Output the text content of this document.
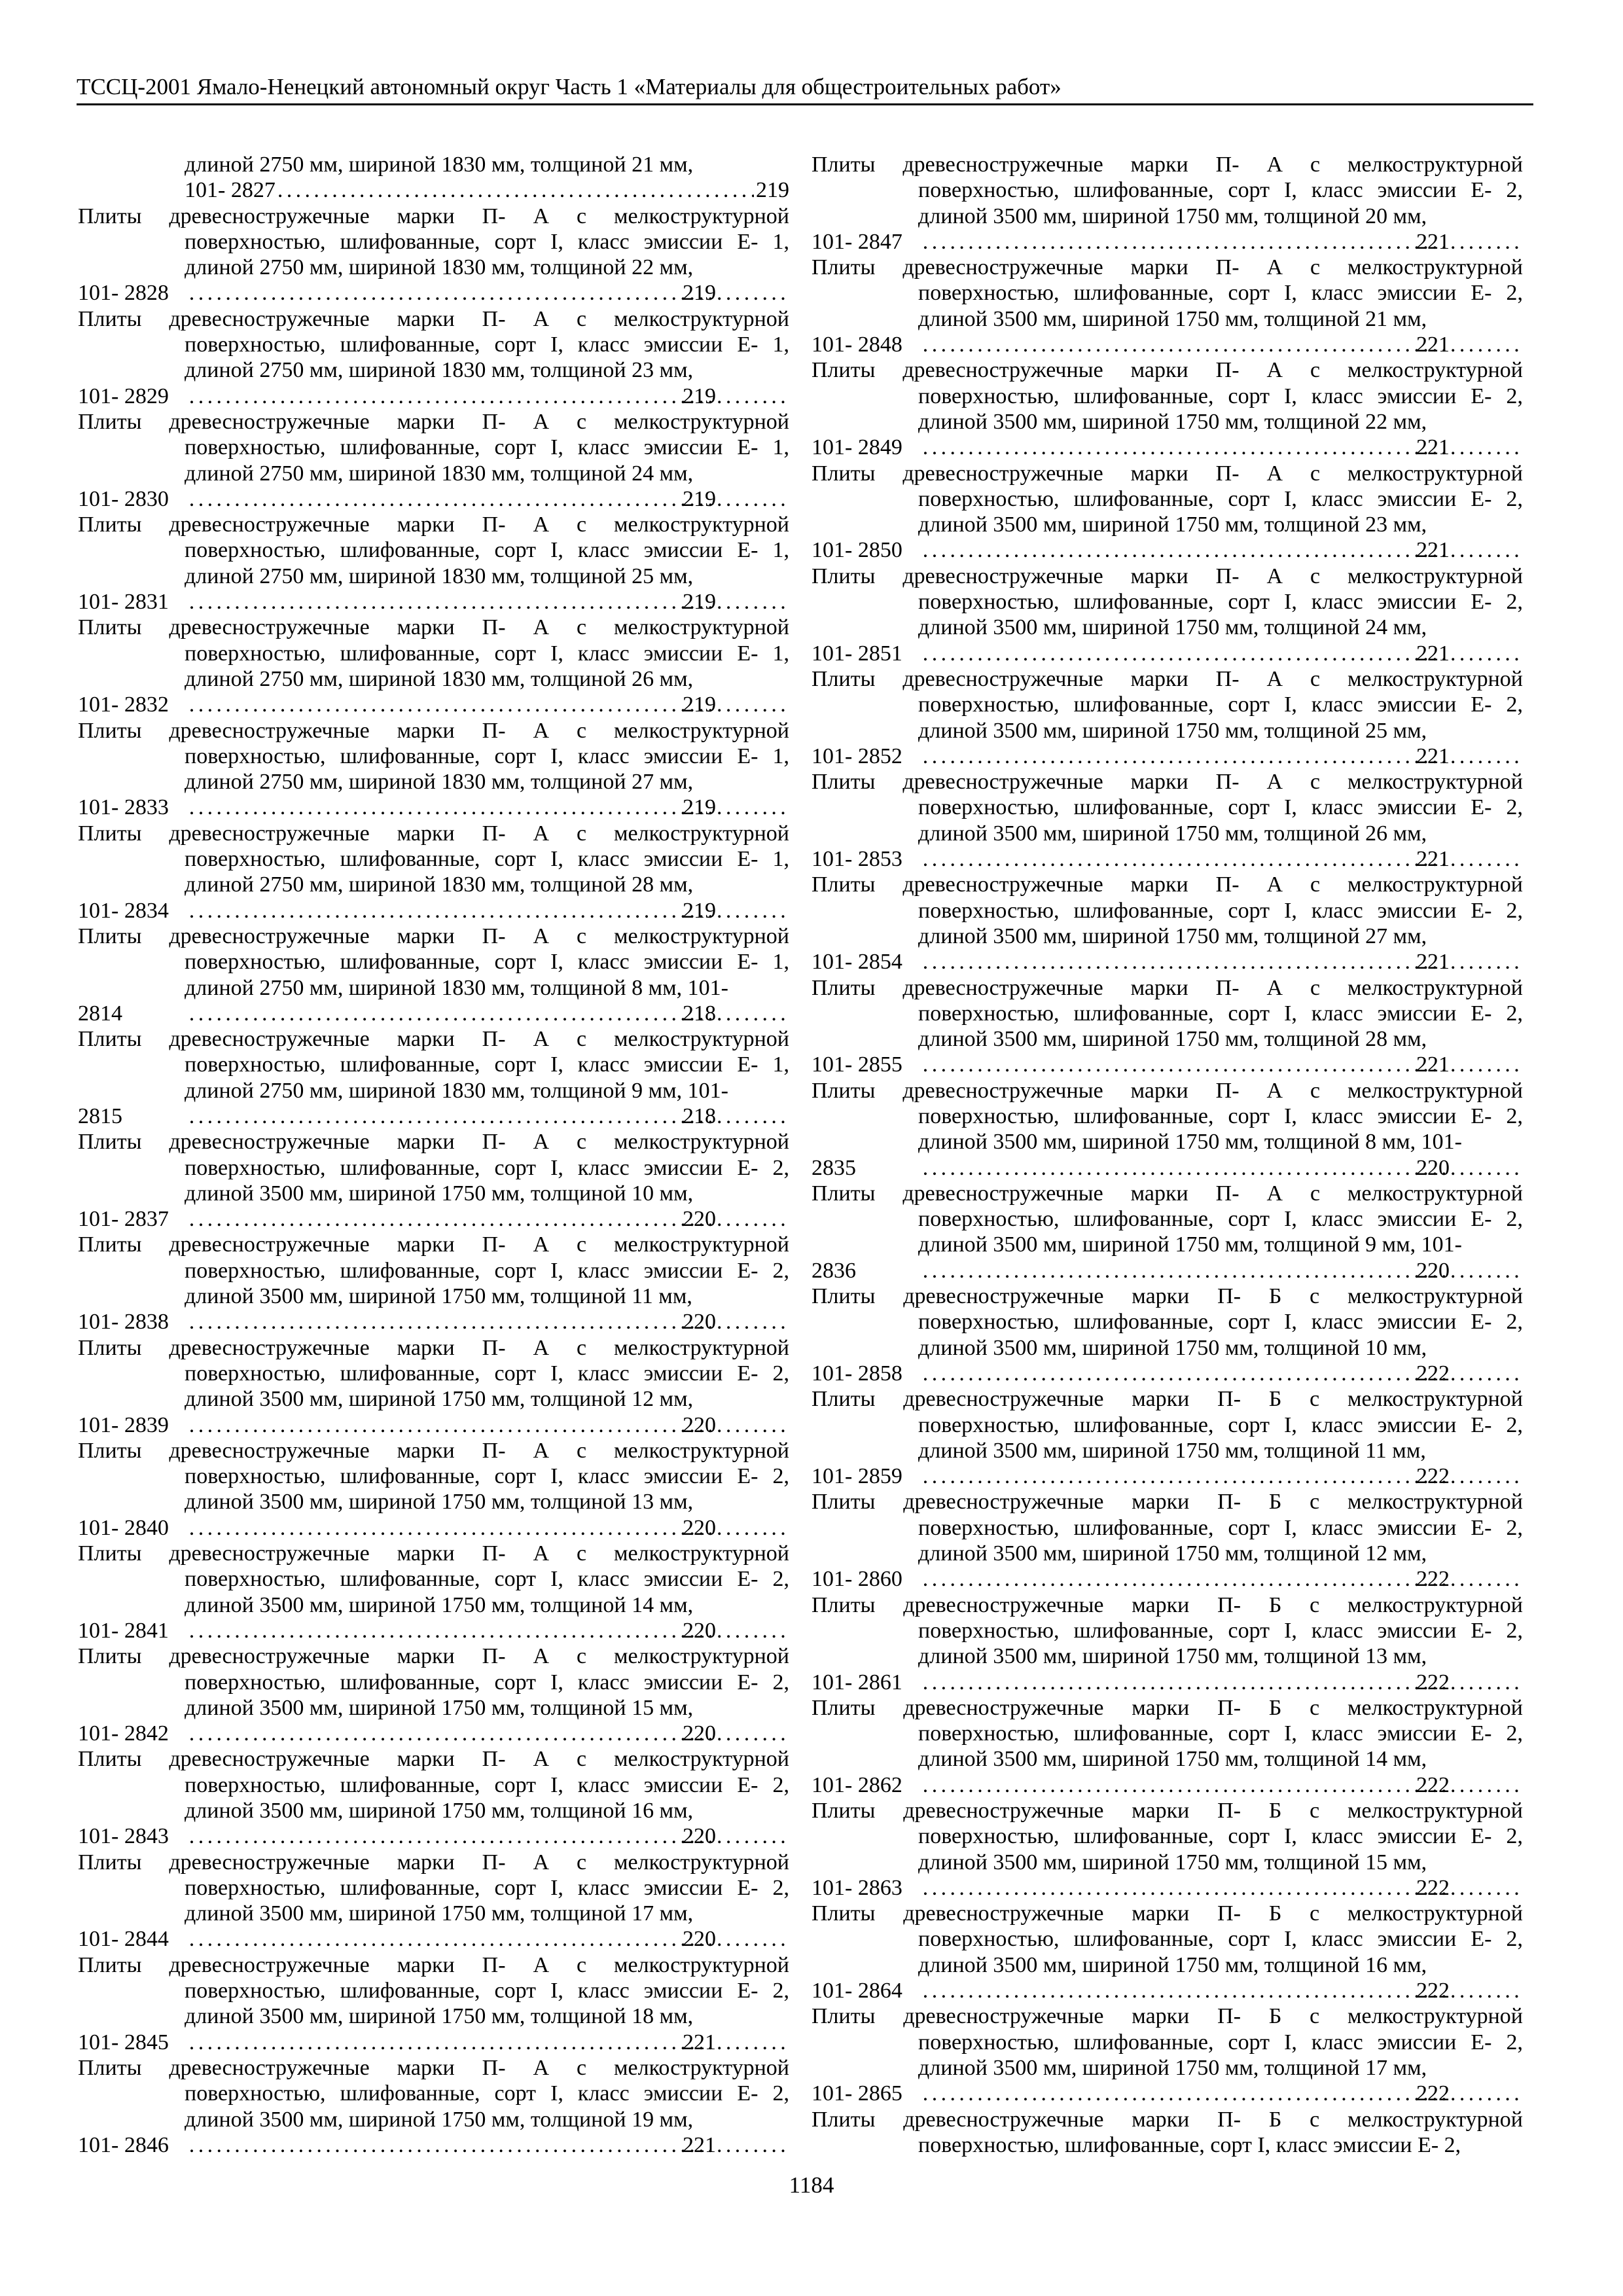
ТССЦ-2001 Ямало-Ненецкий автономный округ Часть 1 «Материалы для общестроительных работ»

длиной 2750 мм, шириной 1830 мм, толщиной 21 мм,
101- 2827 .....	219

Плиты древесностружечные марки П- А с мелкоструктурной поверхностью, шлифованные, сорт I, класс эмиссии Е- 1, длиной 2750 мм, шириной 1830 мм, толщиной 22 мм,
101- 2828 .....	219

Плиты древесностружечные марки П- А с мелкоструктурной поверхностью, шлифованные, сорт I, класс эмиссии Е- 1, длиной 2750 мм, шириной 1830 мм, толщиной 23 мм,
101- 2829 .....	219

Плиты древесностружечные марки П- А с мелкоструктурной поверхностью, шлифованные, сорт I, класс эмиссии Е- 1, длиной 2750 мм, шириной 1830 мм, толщиной 24 мм,
101- 2830 .....	219

Плиты древесностружечные марки П- А с мелкоструктурной поверхностью, шлифованные, сорт I, класс эмиссии Е- 1, длиной 2750 мм, шириной 1830 мм, толщиной 25 мм,
101- 2831 .....	219

Плиты древесностружечные марки П- А с мелкоструктурной поверхностью, шлифованные, сорт I, класс эмиссии Е- 1, длиной 2750 мм, шириной 1830 мм, толщиной 26 мм,
101- 2832 .....	219

Плиты древесностружечные марки П- А с мелкоструктурной поверхностью, шлифованные, сорт I, класс эмиссии Е- 1, длиной 2750 мм, шириной 1830 мм, толщиной 27 мм,
101- 2833 .....	219

Плиты древесностружечные марки П- А с мелкоструктурной поверхностью, шлифованные, сорт I, класс эмиссии Е- 1, длиной 2750 мм, шириной 1830 мм, толщиной 28 мм,
101- 2834 .....	219

Плиты древесностружечные марки П- А с мелкоструктурной поверхностью, шлифованные, сорт I, класс эмиссии Е- 1, длиной 2750 мм, шириной 1830 мм, толщиной 8 мм, 101-
2814 .....	218

Плиты древесностружечные марки П- А с мелкоструктурной поверхностью, шлифованные, сорт I, класс эмиссии Е- 1, длиной 2750 мм, шириной 1830 мм, толщиной 9 мм, 101-
2815 .....	218

Плиты древесностружечные марки П- А с мелкоструктурной поверхностью, шлифованные, сорт I, класс эмиссии Е- 2, длиной 3500 мм, шириной 1750 мм, толщиной 10 мм,
101- 2837 .....	220

Плиты древесностружечные марки П- А с мелкоструктурной поверхностью, шлифованные, сорт I, класс эмиссии Е- 2, длиной 3500 мм, шириной 1750 мм, толщиной 11 мм,
101- 2838 .....	220

Плиты древесностружечные марки П- А с мелкоструктурной поверхностью, шлифованные, сорт I, класс эмиссии Е- 2, длиной 3500 мм, шириной 1750 мм, толщиной 12 мм,
101- 2839 .....	220

Плиты древесностружечные марки П- А с мелкоструктурной поверхностью, шлифованные, сорт I, класс эмиссии Е- 2, длиной 3500 мм, шириной 1750 мм, толщиной 13 мм,
101- 2840 .....	220

Плиты древесностружечные марки П- А с мелкоструктурной поверхностью, шлифованные, сорт I, класс эмиссии Е- 2, длиной 3500 мм, шириной 1750 мм, толщиной 14 мм,
101- 2841 .....	220

Плиты древесностружечные марки П- А с мелкоструктурной поверхностью, шлифованные, сорт I, класс эмиссии Е- 2, длиной 3500 мм, шириной 1750 мм, толщиной 15 мм,
101- 2842 .....	220

Плиты древесностружечные марки П- А с мелкоструктурной поверхностью, шлифованные, сорт I, класс эмиссии Е- 2, длиной 3500 мм, шириной 1750 мм, толщиной 16 мм,
101- 2843 .....	220

Плиты древесностружечные марки П- А с мелкоструктурной поверхностью, шлифованные, сорт I, класс эмиссии Е- 2, длиной 3500 мм, шириной 1750 мм, толщиной 17 мм,
101- 2844 .....	220

Плиты древесностружечные марки П- А с мелкоструктурной поверхностью, шлифованные, сорт I, класс эмиссии Е- 2, длиной 3500 мм, шириной 1750 мм, толщиной 18 мм,
101- 2845 .....	221

Плиты древесностружечные марки П- А с мелкоструктурной поверхностью, шлифованные, сорт I, класс эмиссии Е- 2, длиной 3500 мм, шириной 1750 мм, толщиной 19 мм,
101- 2846 .....	221

Плиты древесностружечные марки П- А с мелкоструктурной поверхностью, шлифованные, сорт I, класс эмиссии Е- 2, длиной 3500 мм, шириной 1750 мм, толщиной 20 мм,
101- 2847 .....	221

Плиты древесностружечные марки П- А с мелкоструктурной поверхностью, шлифованные, сорт I, класс эмиссии Е- 2, длиной 3500 мм, шириной 1750 мм, толщиной 21 мм,
101- 2848 .....	221

Плиты древесностружечные марки П- А с мелкоструктурной поверхностью, шлифованные, сорт I, класс эмиссии Е- 2, длиной 3500 мм, шириной 1750 мм, толщиной 22 мм,
101- 2849 .....	221

Плиты древесностружечные марки П- А с мелкоструктурной поверхностью, шлифованные, сорт I, класс эмиссии Е- 2, длиной 3500 мм, шириной 1750 мм, толщиной 23 мм,
101- 2850 .....	221

Плиты древесностружечные марки П- А с мелкоструктурной поверхностью, шлифованные, сорт I, класс эмиссии Е- 2, длиной 3500 мм, шириной 1750 мм, толщиной 24 мм,
101- 2851 .....	221

Плиты древесностружечные марки П- А с мелкоструктурной поверхностью, шлифованные, сорт I, класс эмиссии Е- 2, длиной 3500 мм, шириной 1750 мм, толщиной 25 мм,
101- 2852 .....	221

Плиты древесностружечные марки П- А с мелкоструктурной поверхностью, шлифованные, сорт I, класс эмиссии Е- 2, длиной 3500 мм, шириной 1750 мм, толщиной 26 мм,
101- 2853 .....	221

Плиты древесностружечные марки П- А с мелкоструктурной поверхностью, шлифованные, сорт I, класс эмиссии Е- 2, длиной 3500 мм, шириной 1750 мм, толщиной 27 мм,
101- 2854 .....	221

Плиты древесностружечные марки П- А с мелкоструктурной поверхностью, шлифованные, сорт I, класс эмиссии Е- 2, длиной 3500 мм, шириной 1750 мм, толщиной 28 мм,
101- 2855 .....	221

Плиты древесностружечные марки П- А с мелкоструктурной поверхностью, шлифованные, сорт I, класс эмиссии Е- 2, длиной 3500 мм, шириной 1750 мм, толщиной 8 мм, 101-
2835 .....	220

Плиты древесностружечные марки П- А с мелкоструктурной поверхностью, шлифованные, сорт I, класс эмиссии Е- 2, длиной 3500 мм, шириной 1750 мм, толщиной 9 мм, 101-
2836 .....	220

Плиты древесностружечные марки П- Б с мелкоструктурной поверхностью, шлифованные, сорт I, класс эмиссии Е- 2, длиной 3500 мм, шириной 1750 мм, толщиной 10 мм,
101- 2858 .....	222

Плиты древесностружечные марки П- Б с мелкоструктурной поверхностью, шлифованные, сорт I, класс эмиссии Е- 2, длиной 3500 мм, шириной 1750 мм, толщиной 11 мм,
101- 2859 .....	222

Плиты древесностружечные марки П- Б с мелкоструктурной поверхностью, шлифованные, сорт I, класс эмиссии Е- 2, длиной 3500 мм, шириной 1750 мм, толщиной 12 мм,
101- 2860 .....	222

Плиты древесностружечные марки П- Б с мелкоструктурной поверхностью, шлифованные, сорт I, класс эмиссии Е- 2, длиной 3500 мм, шириной 1750 мм, толщиной 13 мм,
101- 2861 .....	222

Плиты древесностружечные марки П- Б с мелкоструктурной поверхностью, шлифованные, сорт I, класс эмиссии Е- 2, длиной 3500 мм, шириной 1750 мм, толщиной 14 мм,
101- 2862 .....	222

Плиты древесностружечные марки П- Б с мелкоструктурной поверхностью, шлифованные, сорт I, класс эмиссии Е- 2, длиной 3500 мм, шириной 1750 мм, толщиной 15 мм,
101- 2863 .....	222

Плиты древесностружечные марки П- Б с мелкоструктурной поверхностью, шлифованные, сорт I, класс эмиссии Е- 2, длиной 3500 мм, шириной 1750 мм, толщиной 16 мм,
101- 2864 .....	222

Плиты древесностружечные марки П- Б с мелкоструктурной поверхностью, шлифованные, сорт I, класс эмиссии Е- 2, длиной 3500 мм, шириной 1750 мм, толщиной 17 мм,
101- 2865 .....	222

Плиты древесностружечные марки П- Б с мелкоструктурной поверхностью, шлифованные, сорт I, класс эмиссии Е- 2,

1184
